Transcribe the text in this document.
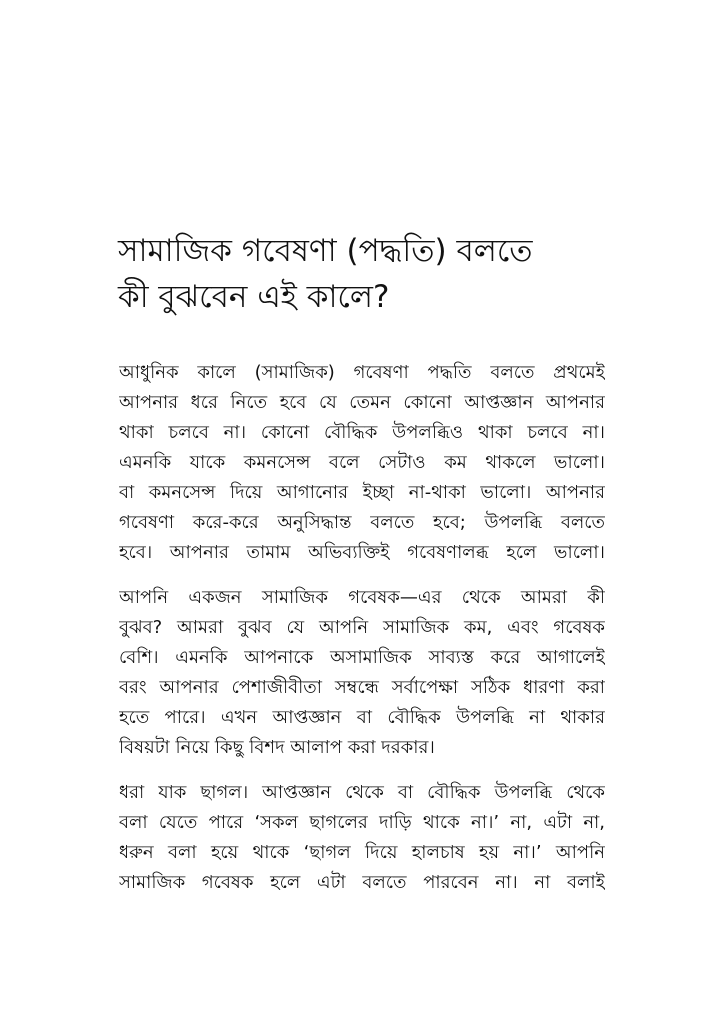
সামাজিক গবেষণা (পদ্ধতি) বলতে
কী বুঝবেন এই কালে?
আধুনিক কালে (সামাজিক) গবেষণা পদ্ধতি বলতে প্রথমেই
আপনার ধরে নিতে হবে যে তেমন কোনো আপ্তজ্ঞান আপনার
থাকা চলবে না। কোনো বৌদ্ধিক উপলব্ধিও থাকা চলবে না।
এমনকি যাকে কমনসেন্স বলে সেটাও কম থাকলে ভালো।
বা কমনসেন্স দিয়ে আগানোর ইচ্ছা না-থাকা ভালো। আপনার
গবেষণা করে-করে অনুসিদ্ধান্ত বলতে হবে; উপলব্ধি বলতে
হবে। আপনার তামাম অভিব্যক্তিই গবেষণালব্ধ হলে ভালো।
আপনি একজন সামাজিক গবেষক—এর থেকে আমরা কী
বুঝব? আমরা বুঝব যে আপনি সামাজিক কম, এবং গবেষক
বেশি। এমনকি আপনাকে অসামাজিক সাব্যস্ত করে আগালেই
বরং আপনার পেশাজীবীতা সম্বন্ধে সর্বাপেক্ষা সঠিক ধারণা করা
হতে পারে। এখন আপ্তজ্ঞান বা বৌদ্ধিক উপলব্ধি না থাকার
বিষয়টা নিয়ে কিছু বিশদ আলাপ করা দরকার।
ধরা যাক ছাগল। আপ্তজ্ঞান থেকে বা বৌদ্ধিক উপলব্ধি থেকে
বলা যেতে পারে ‘সকল ছাগলের দাড়ি থাকে না।’ না, এটা না,
ধরুন বলা হয়ে থাকে ‘ছাগল দিয়ে হালচাষ হয় না।’ আপনি
সামাজিক গবেষক হলে এটা বলতে পারবেন না। না বলাই
